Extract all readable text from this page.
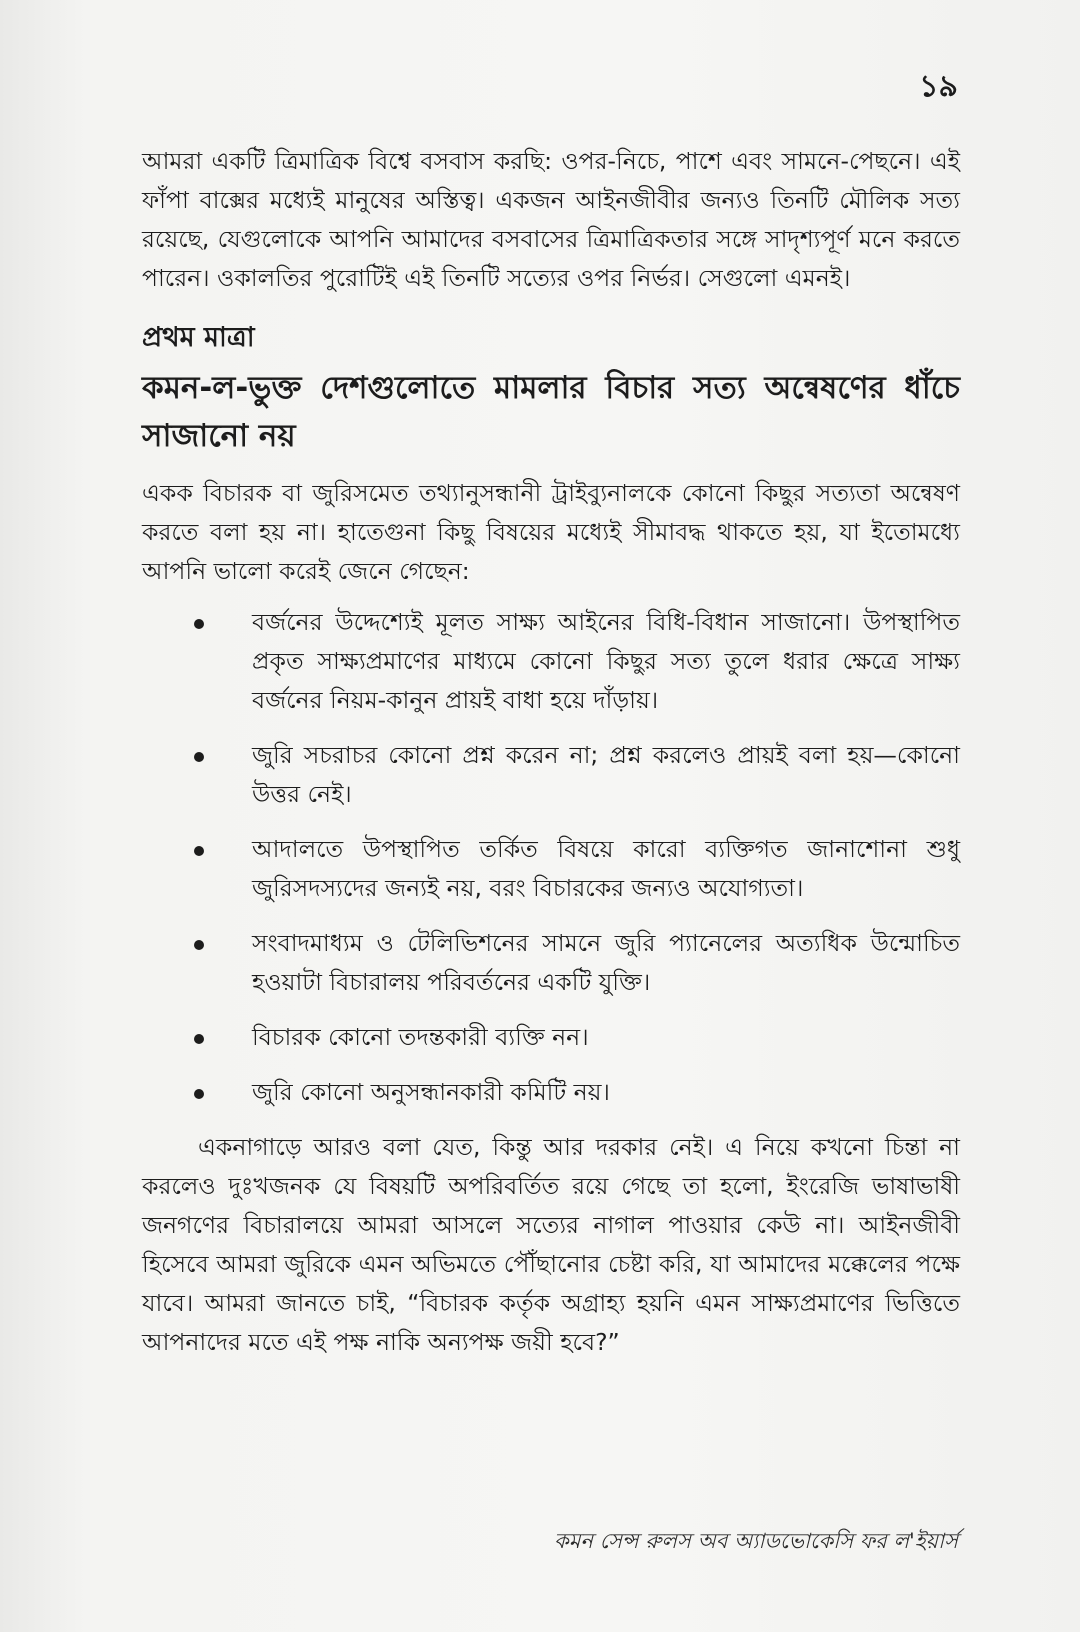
১৯

আমরা একটি ত্রিমাত্রিক বিশ্বে বসবাস করছি: ওপর-নিচে, পাশে এবং সামনে-পেছনে। এই ফাঁপা বাক্সের মধ্যেই মানুষের অস্তিত্ব। একজন আইনজীবীর জন্যও তিনটি মৌলিক সত্য রয়েছে, যেগুলোকে আপনি আমাদের বসবাসের ত্রিমাত্রিকতার সঙ্গে সাদৃশ্যপূর্ণ মনে করতে পারেন। ওকালতির পুরোটিই এই তিনটি সত্যের ওপর নির্ভর। সেগুলো এমনই।

প্রথম মাত্রা
কমন-ল-ভুক্ত দেশগুলোতে মামলার বিচার সত্য অন্বেষণের ধাঁচে সাজানো নয়

একক বিচারক বা জুরিসমেত তথ্যানুসন্ধানী ট্রাইব্যুনালকে কোনো কিছুর সত্যতা অন্বেষণ করতে বলা হয় না। হাতেগুনা কিছু বিষয়ের মধ্যেই সীমাবদ্ধ থাকতে হয়, যা ইতোমধ্যে আপনি ভালো করেই জেনে গেছেন:

বর্জনের উদ্দেশ্যেই মূলত সাক্ষ্য আইনের বিধি-বিধান সাজানো। উপস্থাপিত প্রকৃত সাক্ষ্যপ্রমাণের মাধ্যমে কোনো কিছুর সত্য তুলে ধরার ক্ষেত্রে সাক্ষ্য বর্জনের নিয়ম-কানুন প্রায়ই বাধা হয়ে দাঁড়ায়।
জুরি সচরাচর কোনো প্রশ্ন করেন না; প্রশ্ন করলেও প্রায়ই বলা হয়—কোনো উত্তর নেই।
আদালতে উপস্থাপিত তর্কিত বিষয়ে কারো ব্যক্তিগত জানাশোনা শুধু জুরিসদস্যদের জন্যই নয়, বরং বিচারকের জন্যও অযোগ্যতা।
সংবাদমাধ্যম ও টেলিভিশনের সামনে জুরি প্যানেলের অত্যধিক উন্মোচিত হওয়াটা বিচারালয় পরিবর্তনের একটি যুক্তি।
বিচারক কোনো তদন্তকারী ব্যক্তি নন।
জুরি কোনো অনুসন্ধানকারী কমিটি নয়।

একনাগাড়ে আরও বলা যেত, কিন্তু আর দরকার নেই। এ নিয়ে কখনো চিন্তা না করলেও দুঃখজনক যে বিষয়টি অপরিবর্তিত রয়ে গেছে তা হলো, ইংরেজি ভাষাভাষী জনগণের বিচারালয়ে আমরা আসলে সত্যের নাগাল পাওয়ার কেউ না। আইনজীবী হিসেবে আমরা জুরিকে এমন অভিমতে পৌঁছানোর চেষ্টা করি, যা আমাদের মক্কেলের পক্ষে যাবে। আমরা জানতে চাই, “বিচারক কর্তৃক অগ্রাহ্য হয়নি এমন সাক্ষ্যপ্রমাণের ভিত্তিতে আপনাদের মতে এই পক্ষ নাকি অন্যপক্ষ জয়ী হবে?”

কমন সেন্স রুলস অব অ্যাডভোকেসি ফর ল'ইয়ার্স
